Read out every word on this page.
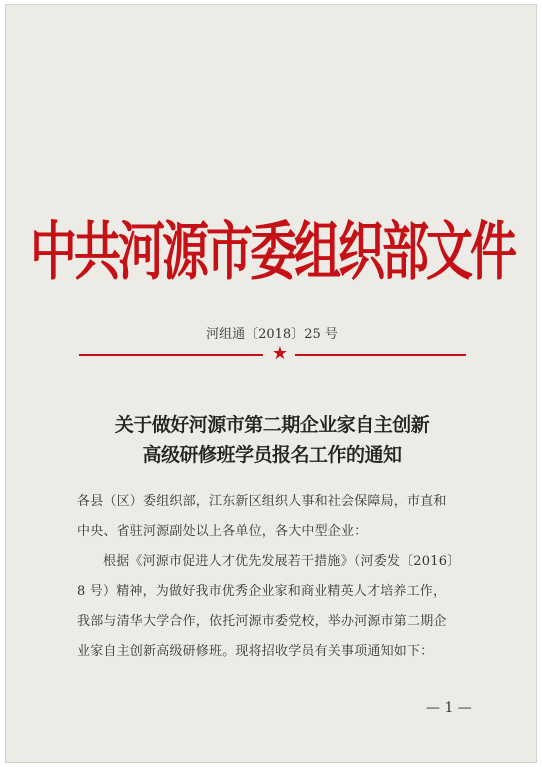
中共河源市委组织部文件
河组通〔2018〕25 号
★
关于做好河源市第二期企业家自主创新
高级研修班学员报名工作的通知
各县（区）委组织部，江东新区组织人事和社会保障局，市直和
中央、省驻河源副处以上各单位，各大中型企业：
根据《河源市促进人才优先发展若干措施》（河委发〔2016〕
8 号）精神，为做好我市优秀企业家和商业精英人才培养工作，
我部与清华大学合作，依托河源市委党校，举办河源市第二期企
业家自主创新高级研修班。现将招收学员有关事项通知如下：
— 1 —
